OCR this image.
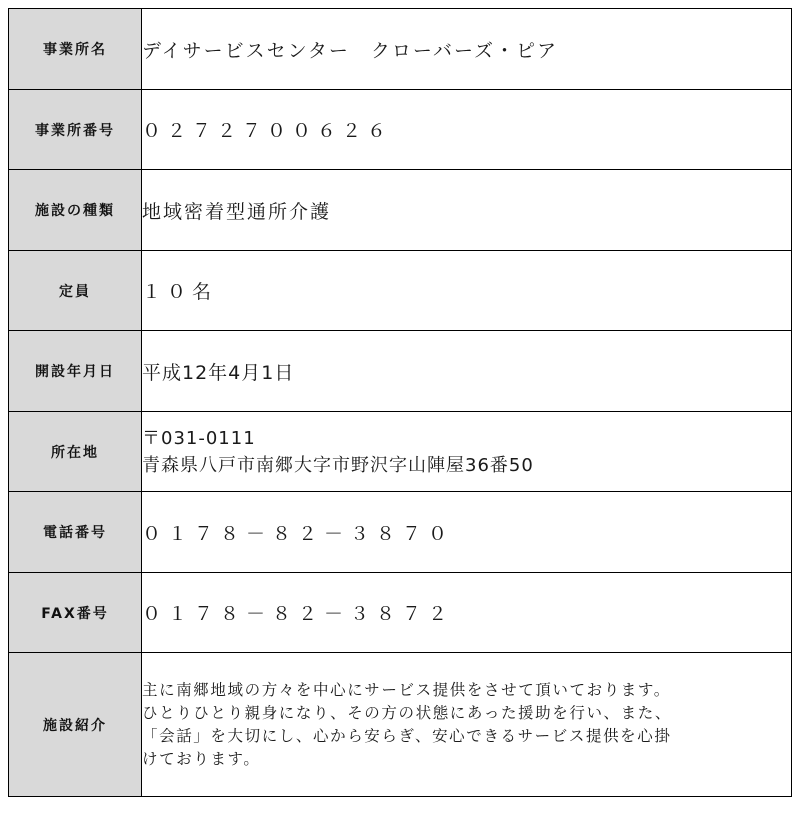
事業所名	デイサービスセンター　クローバーズ・ピア
事業所番号	０２７２７００６２６
施設の種類	地域密着型通所介護
定員	１０名
開設年月日	平成12年4月1日
所在地	〒031-0111
青森県八戸市南郷大字市野沢字山陣屋36番50

電話番号	０１７８－８２－３８７０
FAX番号	０１７８－８２－３８７２
施設紹介	主に南郷地域の方々を中心にサービス提供をさせて頂いております。
ひとりひとり親身になり、その方の状態にあった援助を行い、また、
「会話」を大切にし、心から安らぎ、安心できるサービス提供を心掛
けております。
